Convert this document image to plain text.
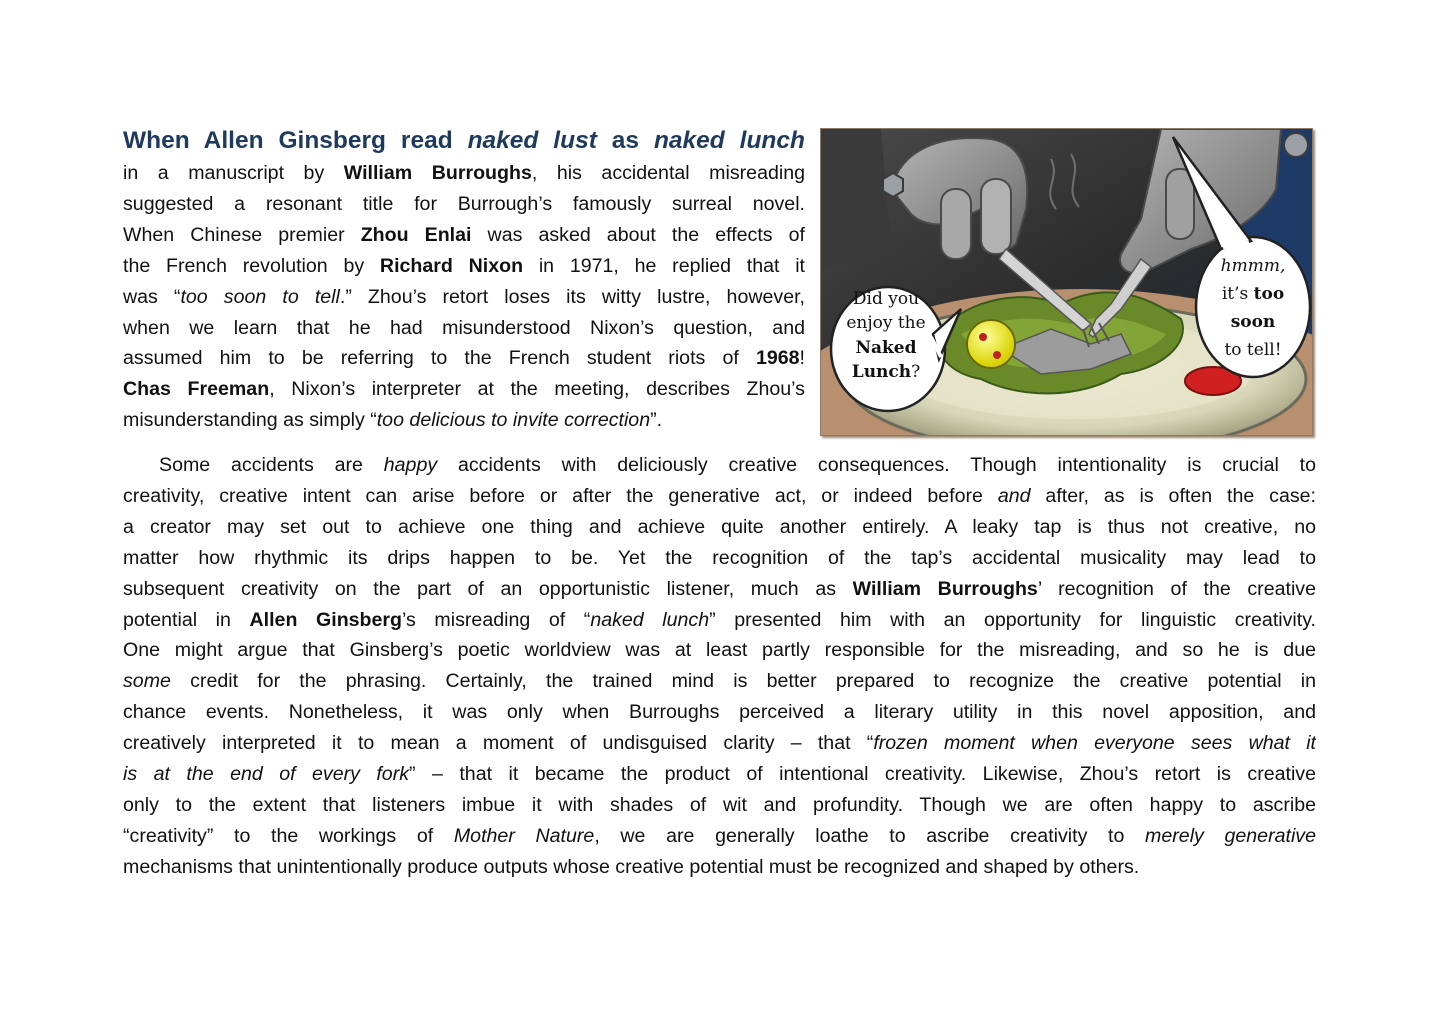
When Allen Ginsberg read naked lust as naked lunch
in a manuscript by William Burroughs, his accidental misreading
suggested a resonant title for Burrough’s famously surreal novel.
When Chinese premier Zhou Enlai was asked about the effects of
the French revolution by Richard Nixon in 1971, he replied that it
was “too soon to tell.” Zhou’s retort loses its witty lustre, however,
when we learn that he had misunderstood Nixon’s question, and
assumed him to be referring to the French student riots of 1968!
Chas Freeman, Nixon’s interpreter at the meeting, describes Zhou’s
misunderstanding as simply “too delicious to invite correction”.
Did you
enjoy the
Naked
Lunch?
hmmm,
it’s too
soon
to tell!
Some accidents are happy accidents with deliciously creative consequences. Though intentionality is crucial to
creativity, creative intent can arise before or after the generative act, or indeed before and after, as is often the case:
a creator may set out to achieve one thing and achieve quite another entirely. A leaky tap is thus not creative, no
matter how rhythmic its drips happen to be. Yet the recognition of the tap’s accidental musicality may lead to
subsequent creativity on the part of an opportunistic listener, much as William Burroughs’ recognition of the creative
potential in Allen Ginsberg’s misreading of “naked lunch” presented him with an opportunity for linguistic creativity.
One might argue that Ginsberg’s poetic worldview was at least partly responsible for the misreading, and so he is due
some credit for the phrasing. Certainly, the trained mind is better prepared to recognize the creative potential in
chance events. Nonetheless, it was only when Burroughs perceived a literary utility in this novel apposition, and
creatively interpreted it to mean a moment of undisguised clarity – that “frozen moment when everyone sees what it
is at the end of every fork” – that it became the product of intentional creativity. Likewise, Zhou’s retort is creative
only to the extent that listeners imbue it with shades of wit and profundity. Though we are often happy to ascribe
“creativity” to the workings of Mother Nature, we are generally loathe to ascribe creativity to merely generative
mechanisms that unintentionally produce outputs whose creative potential must be recognized and shaped by others.
